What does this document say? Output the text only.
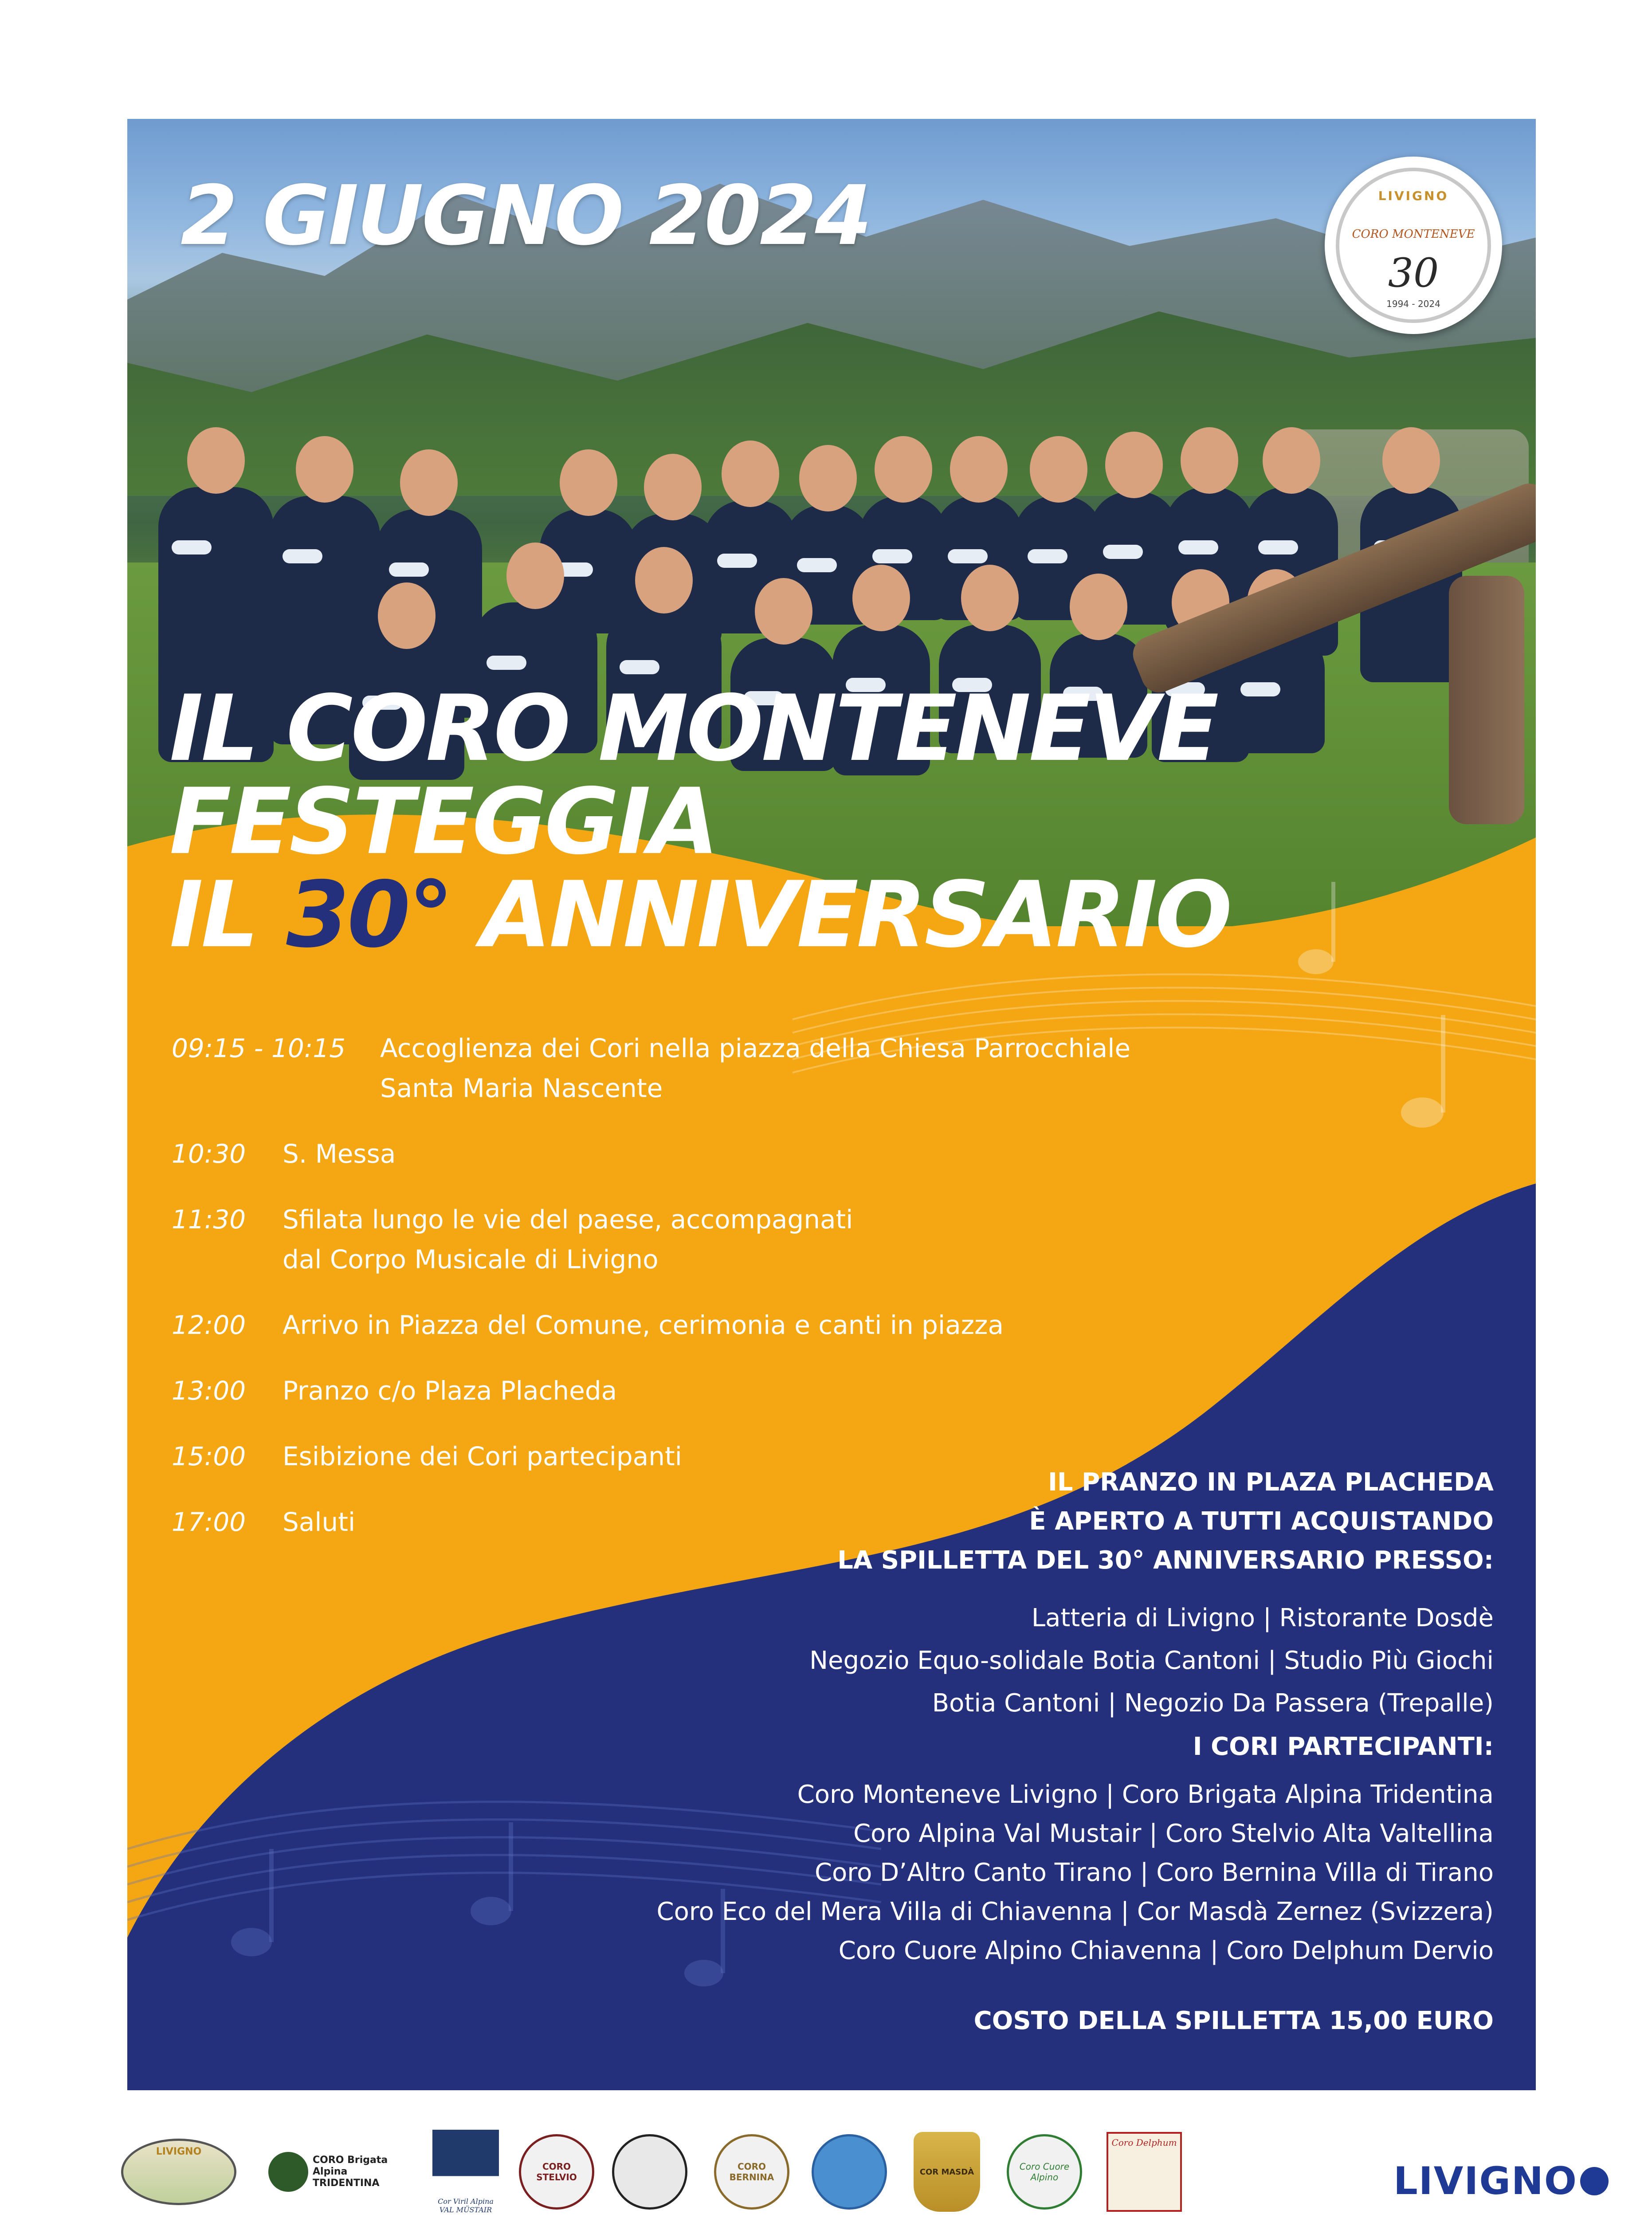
2 GIUGNO 2024	LIVIGNO
CORO MONTENEVE
30
1994 - 2024
IL CORO MONTENEVE
FESTEGGIA
IL 30° ANNIVERSARIO
09:15 - 10:15	Accoglienza dei Cori nella piazza della Chiesa Parrocchiale
Santa Maria Nascente
10:30	S. Messa
11:30	Sfilata lungo le vie del paese, accompagnati
dal Corpo Musicale di Livigno
12:00	Arrivo in Piazza del Comune, cerimonia e canti in piazza
13:00	Pranzo c/o Plaza Placheda
15:00	Esibizione dei Cori partecipanti
17:00	Saluti
IL PRANZO IN PLAZA PLACHEDA
È APERTO A TUTTI ACQUISTANDO
LA SPILLETTA DEL 30° ANNIVERSARIO PRESSO:
Latteria di Livigno | Ristorante Dosdè
Negozio Equo-solidale Botia Cantoni | Studio Più Giochi
Botia Cantoni | Negozio Da Passera (Trepalle)
I CORI PARTECIPANTI:
Coro Monteneve Livigno | Coro Brigata Alpina Tridentina
Coro Alpina Val Mustair | Coro Stelvio Alta Valtellina
Coro D’Altro Canto Tirano | Coro Bernina Villa di Tirano
Coro Eco del Mera Villa di Chiavenna | Cor Masdà Zernez (Svizzera)
Coro Cuore Alpino Chiavenna | Coro Delphum Dervio
COSTO DELLA SPILLETTA 15,00 EURO
LIVIGNO
CORO Brigata Alpina TRIDENTINA
Cor Viril Alpina VAL MÜSTAIR
CORO STELVIO
CORO BERNINA	COR MASDÀ	Coro Cuore Alpino
Coro Delphum
LIVIGNO
